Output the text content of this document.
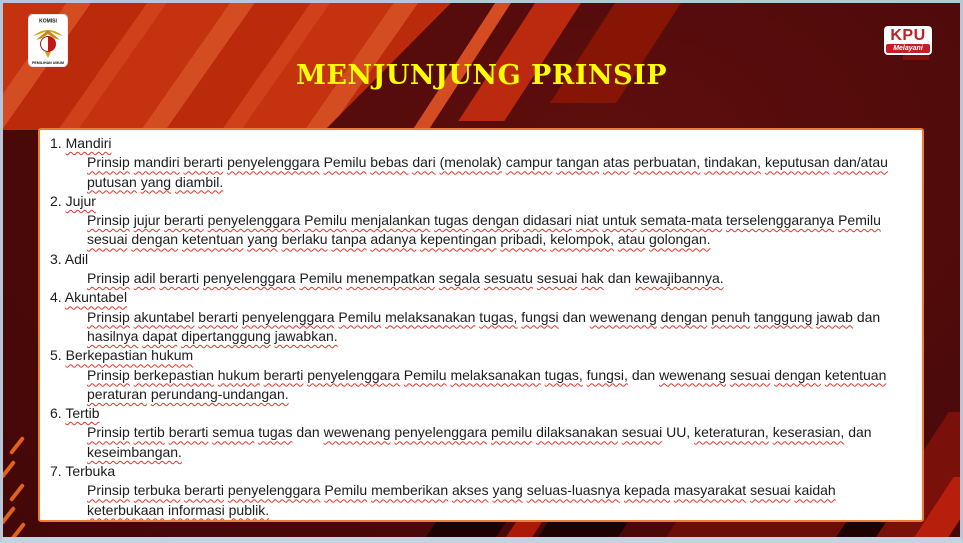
KOMISI
PEMILIHAN UMUM
KPU
Melayani
MENJUNJUNG PRINSIP
1. Mandiri
Prinsip mandiri berarti penyelenggara Pemilu bebas dari (menolak) campur tangan atas perbuatan, tindakan, keputusan dan/atau putusan yang diambil.
2. Jujur
Prinsip jujur berarti penyelenggara Pemilu menjalankan tugas dengan didasari niat untuk semata-mata terselenggaranya Pemilu sesuai dengan ketentuan yang berlaku tanpa adanya kepentingan pribadi, kelompok, atau golongan.
3. Adil
Prinsip adil berarti penyelenggara Pemilu menempatkan segala sesuatu sesuai hak dan kewajibannya.
4. Akuntabel
Prinsip akuntabel berarti penyelenggara Pemilu melaksanakan tugas, fungsi dan wewenang dengan penuh tanggung jawab dan hasilnya dapat dipertanggung jawabkan.
5. Berkepastian hukum
Prinsip berkepastian hukum berarti penyelenggara Pemilu melaksanakan tugas, fungsi, dan wewenang sesuai dengan ketentuan peraturan perundang-undangan.
6. Tertib
Prinsip tertib berarti semua tugas dan wewenang penyelenggara pemilu dilaksanakan sesuai UU, keteraturan, keserasian, dan keseimbangan.
7. Terbuka
Prinsip terbuka berarti penyelenggara Pemilu memberikan akses yang seluas-luasnya kepada masyarakat sesuai kaidah keterbukaan informasi publik.
